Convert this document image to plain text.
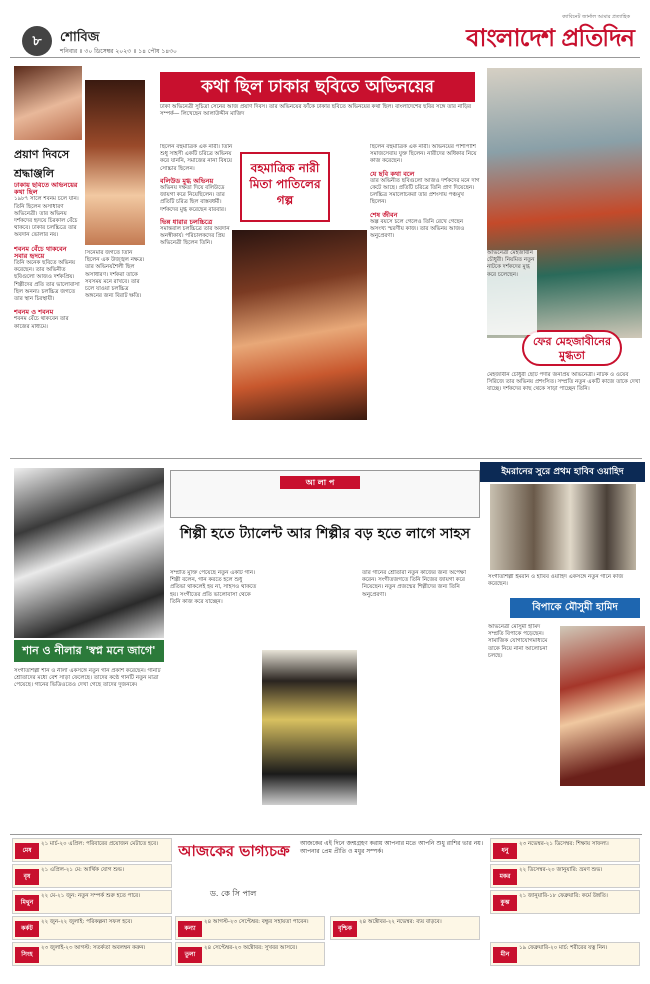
৮	শোবিজ
শনিবার ॥ ৩০ ডিসেম্বর ২০২৩ ॥ ১৪ পৌষ ১৪৩০
ক্যাবিনেট জার্নাল আমার প্রত্যাহিক
বাংলাদেশ প্রতিদিন
প্রয়াণ দিবসে শ্রদ্ধাঞ্জলি
ঢাকায় ছবিতে অভিনয়ের কথা ছিল
১৯৮৭ সালে শবনম চলে যান। তিনি ছিলেন অসাধারণ অভিনেত্রী। তার অভিনয় দর্শকদের হৃদয়ে চিরকাল বেঁচে থাকবে। ঢাকার চলচ্চিত্রে তার অবদান ভোলার নয়।
শবনম বেঁচে থাকবেন সবার হৃদয়ে
তিনি অনেক ছবিতে অভিনয় করেছেন। তার অভিনীত ছবিগুলো আজও দর্শকপ্রিয়। শিল্পীদের প্রতি তার ভালোবাসা ছিল অনন্য। চলচ্চিত্র জগতে তার স্থান চিরস্থায়ী।
শবনম ও শবনম
শবনম বেঁচে থাকবেন তার কাজের মাধ্যমে।
সিনেমার জগতে তিনি ছিলেন এক উজ্জ্বল নক্ষত্র। তার অভিনয়শৈলী ছিল অসাধারণ। দর্শকরা তাকে সবসময় মনে রাখবে। তার চলে যাওয়া চলচ্চিত্র অঙ্গনের জন্য বিরাট ক্ষতি।
কথা ছিল ঢাকার ছবিতে অভিনয়ের
ঢাকা অভিনেত্রী সুচিত্রা সেনের আজ প্রয়াণ দিবস। তার অভিনয়ের ফাঁকে ঢাকার ছবিতে অভিনয়ের কথা ছিল। বাংলাদেশের ছবির সঙ্গে তার নাড়ির সম্পর্ক— লিখেছেন আলাউদ্দীন মাজিদ
ছিলেন বহুমাত্রিক এক নারী। তিনি শুধু সাহসী একটি চরিত্রে অভিনয় করে যাননি, সমাজের নানা বিষয়ে সোচ্চার ছিলেন।
বলিউড মুগ্ধ অভিনয়
অভিনয় দক্ষতা দিয়ে বলিউডে জায়গা করে নিয়েছিলেন। তার প্রতিটি চরিত্র ছিল বাস্তবধর্মী। দর্শকদের মুগ্ধ করেছেন বারবার।
ভিন্ন ধারার চলচ্চিত্রে
সমান্তরাল চলচ্চিত্রে তার অবদান অনস্বীকার্য। পরিচালকদের প্রিয় অভিনেত্রী ছিলেন তিনি।
বহমাত্রিক নারী মিতা পাতিলের গল্প
ছিলেন বহুমাত্রিক এক নারী। অভিনয়ের পাশাপাশি সমাজসেবায় যুক্ত ছিলেন। নারীদের অধিকার নিয়ে কাজ করেছেন।
যে ছবি কথা বলে
তার অভিনীত ছবিগুলো আজও দর্শকদের মনে দাগ কেটে আছে। প্রতিটি চরিত্রে তিনি প্রাণ দিয়েছেন। চলচ্চিত্র সমালোচকরা তার প্রশংসায় পঞ্চমুখ ছিলেন।
শেষ জীবন
অল্প বয়সে চলে গেলেও তিনি রেখে গেছেন অসংখ্য স্মরণীয় কাজ। তার অভিনয় আজও অনুপ্রেরণা।
ফের মেহজাবীনের মুগ্ধতা
অভিনেত্রী মেহজাবীন চৌধুরী। নিয়মিত নতুন নাটকে দর্শকদের মুগ্ধ করে চলেছেন।
মেহজাবীন চৌধুরী ছোট পর্দার জনপ্রিয় অভিনেত্রী। নাটক ও ওয়েব সিরিজে তার অভিনয় প্রশংসিত। সম্প্রতি নতুন একটি কাজে তাকে দেখা যাচ্ছে। দর্শকদের কাছ থেকে সাড়া পাচ্ছেন তিনি।
শান ও নীলার 'স্বপ্ন মনে জাগে'
সংগীতশিল্পী শান ও নীলা একসঙ্গে নতুন গান প্রকাশ করেছেন। গানটি শ্রোতাদের মধ্যে বেশ সাড়া ফেলেছে। তাদের কণ্ঠে গানটি নতুন মাত্রা পেয়েছে। গানের ভিডিওতেও দেখা গেছে তাদের দুজনকে।
আ লা প
শিল্পী হতে ট্যালেন্ট আর শিল্পীর বড় হতে লাগে সাহস
সম্প্রতি মুক্তি পেয়েছে নতুন একটি গান। শিল্পী বলেন, গান করতে হলে শুধু প্রতিভা থাকলেই হয় না, সাহসও থাকতে হয়। সংগীতের প্রতি ভালোবাসা থেকে তিনি কাজ করে যাচ্ছেন।
তার গানের শ্রোতারা নতুন কাজের জন্য অপেক্ষা করেন। সংগীতজগতে তিনি নিজের জায়গা করে নিয়েছেন। নতুন প্রজন্মের শিল্পীদের জন্য তিনি অনুপ্রেরণা।
ইমরানের সুরে প্রথম হাবিব ওয়াহিদ
সংগীতশিল্পী ইমরান ও হাবিব ওয়াহিদ একসঙ্গে নতুন গানে কাজ করেছেন।
বিপাকে মৌসুমী হামিদ
অভিনেত্রী মৌসুমী হামিদ সম্প্রতি বিপাকে পড়েছেন। সামাজিক যোগাযোগমাধ্যমে তাকে নিয়ে নানা আলোচনা চলছে।
আজকের ভাগ্যচক্র
ড. কে সি পাল
আজকের এই দিনে জন্মগ্রহণ করায় আপনার মতে আপনি শুধু রাশির ভার নয়। আপনার প্রেম প্রীতি ও মধুর সম্পর্ক।
মেষ
২১ মার্চ-২০ এপ্রিল: পরিবারের প্রয়োজন মেটাতে হবে।
বৃষ
২১ এপ্রিল-২১ মে: আর্থিক যোগ শুভ।
মিথুন
২২ মে-২১ জুন: নতুন সম্পর্ক শুরু হতে পারে।
কর্কট
২২ জুন-২২ জুলাই: পরিকল্পনা সফল হবে।
সিংহ
২৩ জুলাই-২৩ আগস্ট: সতর্কতা অবলম্বন করুন।
কন্যা
২৪ আগস্ট-২৩ সেপ্টেম্বর: বন্ধুর সহায়তা পাবেন।
তুলা
২৪ সেপ্টেম্বর-২৩ অক্টোবর: সুখবর আসবে।
বৃশ্চিক
২৪ অক্টোবর-২২ নভেম্বর: ব্যয় বাড়বে।
ধনু
২৩ নভেম্বর-২১ ডিসেম্বর: শিক্ষায় সাফল্য।
মকর
২২ ডিসেম্বর-২০ জানুয়ারি: ভ্রমণ শুভ।
কুম্ভ
২১ জানুয়ারি-১৮ ফেব্রুয়ারি: কর্মে উন্নতি।
মীন
১৯ ফেব্রুয়ারি-২০ মার্চ: শরীরের যত্ন নিন।
